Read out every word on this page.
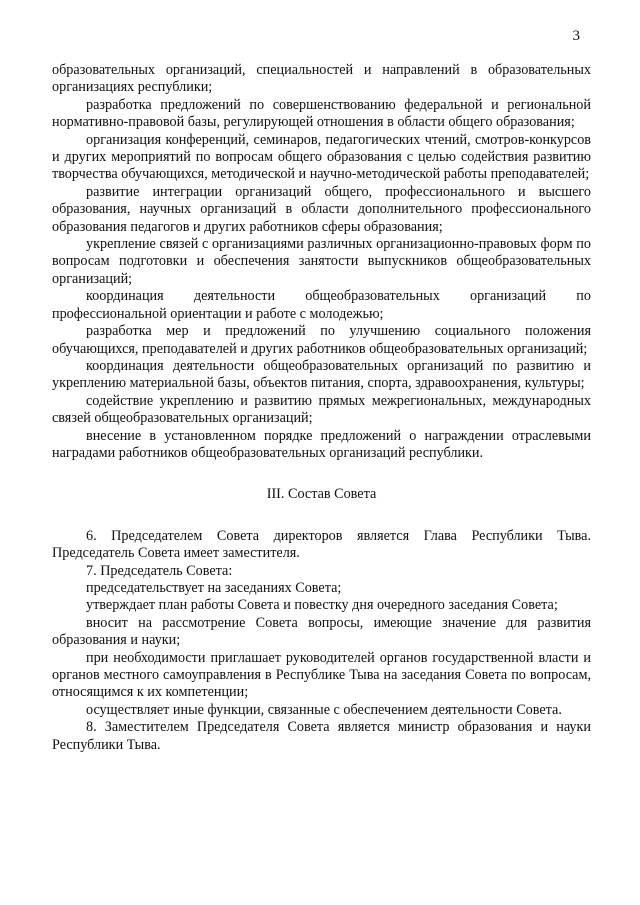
3

образовательных организаций, специальностей и направлений в образовательных организациях республики;

разработка предложений по совершенствованию федеральной и региональной нормативно-правовой базы, регулирующей отношения в области общего образования;

организация конференций, семинаров, педагогических чтений, смотров-конкурсов и других мероприятий по вопросам общего образования с целью содействия развитию творчества обучающихся, методической и научно-методической работы преподавателей;

развитие интеграции организаций общего, профессионального и высшего образования, научных организаций в области дополнительного профессионального образования педагогов и других работников сферы образования;

укрепление связей с организациями различных организационно-правовых форм по вопросам подготовки и обеспечения занятости выпускников общеобразовательных организаций;

координация деятельности общеобразовательных организаций по профессиональной ориентации и работе с молодежью;

разработка мер и предложений по улучшению социального положения обучающихся, преподавателей и других работников общеобразовательных организаций;

координация деятельности общеобразовательных организаций по развитию и укреплению материальной базы, объектов питания, спорта, здравоохранения, культуры;

содействие укреплению и развитию прямых межрегиональных, международных связей общеобразовательных организаций;

внесение в установленном порядке предложений о награждении отраслевыми наградами работников общеобразовательных организаций республики.

III. Состав Совета

6. Председателем Совета директоров является Глава Республики Тыва. Председатель Совета имеет заместителя.

7. Председатель Совета:

председательствует на заседаниях Совета;

утверждает план работы Совета и повестку дня очередного заседания Совета;

вносит на рассмотрение Совета вопросы, имеющие значение для развития образования и науки;

при необходимости приглашает руководителей органов государственной власти и органов местного самоуправления в Республике Тыва на заседания Совета по вопросам, относящимся к их компетенции;

осуществляет иные функции, связанные с обеспечением деятельности Совета.

8. Заместителем Председателя Совета является министр образования и науки Республики Тыва.
